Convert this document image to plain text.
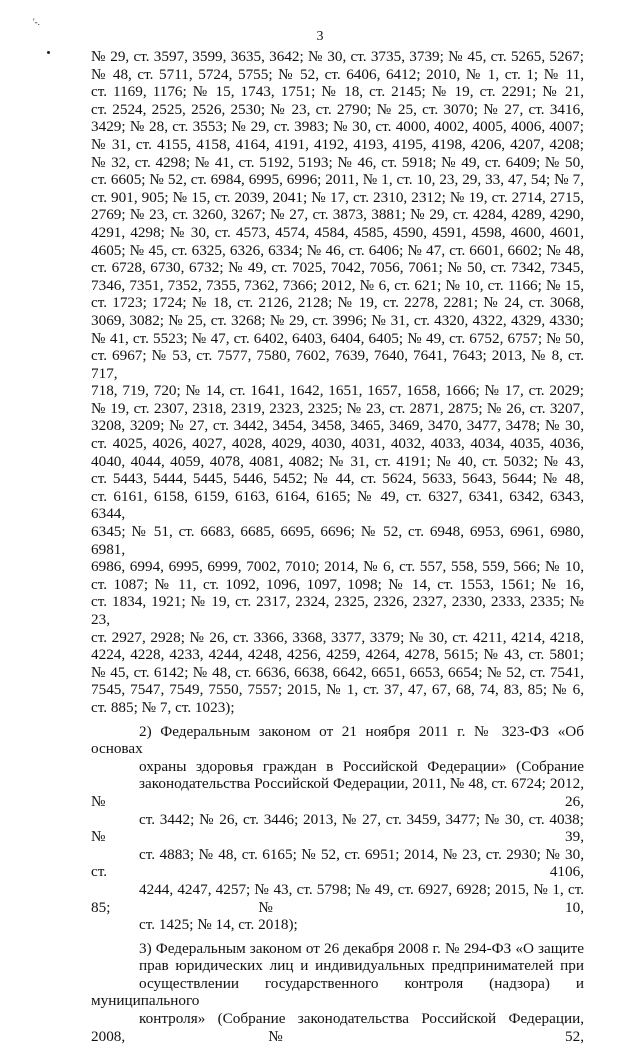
'-.
3
№ 29, ст. 3597, 3599, 3635, 3642; № 30, ст. 3735, 3739; № 45, ст. 5265, 5267;
№ 48, ст. 5711, 5724, 5755; № 52, ст. 6406, 6412; 2010, № 1, ст. 1; № 11,
ст. 1169, 1176; № 15, 1743, 1751; № 18, ст. 2145; № 19, ст. 2291; № 21,
ст. 2524, 2525, 2526, 2530; № 23, ст. 2790; № 25, ст. 3070; № 27, ст. 3416,
3429; № 28, ст. 3553; № 29, ст. 3983; № 30, ст. 4000, 4002, 4005, 4006, 4007;
№ 31, ст. 4155, 4158, 4164, 4191, 4192, 4193, 4195, 4198, 4206, 4207, 4208;
№ 32, ст. 4298; № 41, ст. 5192, 5193; № 46, ст. 5918; № 49, ст. 6409; № 50,
ст. 6605; № 52, ст. 6984, 6995, 6996; 2011, № 1, ст. 10, 23, 29, 33, 47, 54; № 7,
ст. 901, 905; № 15, ст. 2039, 2041; № 17, ст. 2310, 2312; № 19, ст. 2714, 2715,
2769; № 23, ст. 3260, 3267; № 27, ст. 3873, 3881; № 29, ст. 4284, 4289, 4290,
4291, 4298; № 30, ст. 4573, 4574, 4584, 4585, 4590, 4591, 4598, 4600, 4601,
4605; № 45, ст. 6325, 6326, 6334; № 46, ст. 6406; № 47, ст. 6601, 6602; № 48,
ст. 6728, 6730, 6732; № 49, ст. 7025, 7042, 7056, 7061; № 50, ст. 7342, 7345,
7346, 7351, 7352, 7355, 7362, 7366; 2012, № 6, ст. 621; № 10, ст. 1166; № 15,
ст. 1723; 1724; № 18, ст. 2126, 2128; № 19, ст. 2278, 2281; № 24, ст. 3068,
3069, 3082; № 25, ст. 3268; № 29, ст. 3996; № 31, ст. 4320, 4322, 4329, 4330;
№ 41, ст. 5523; № 47, ст. 6402, 6403, 6404, 6405; № 49, ст. 6752, 6757; № 50,
ст. 6967; № 53, ст. 7577, 7580, 7602, 7639, 7640, 7641, 7643; 2013, № 8, ст. 717,
718, 719, 720; № 14, ст. 1641, 1642, 1651, 1657, 1658, 1666; № 17, ст. 2029;
№ 19, ст. 2307, 2318, 2319, 2323, 2325; № 23, ст. 2871, 2875; № 26, ст. 3207,
3208, 3209; № 27, ст. 3442, 3454, 3458, 3465, 3469, 3470, 3477, 3478; № 30,
ст. 4025, 4026, 4027, 4028, 4029, 4030, 4031, 4032, 4033, 4034, 4035, 4036,
4040, 4044, 4059, 4078, 4081, 4082; № 31, ст. 4191; № 40, ст. 5032; № 43,
ст. 5443, 5444, 5445, 5446, 5452; № 44, ст. 5624, 5633, 5643, 5644; № 48,
ст. 6161, 6158, 6159, 6163, 6164, 6165; № 49, ст. 6327, 6341, 6342, 6343, 6344,
6345; № 51, ст. 6683, 6685, 6695, 6696; № 52, ст. 6948, 6953, 6961, 6980, 6981,
6986, 6994, 6995, 6999, 7002, 7010; 2014, № 6, ст. 557, 558, 559, 566; № 10,
ст. 1087; № 11, ст. 1092, 1096, 1097, 1098; № 14, ст. 1553, 1561; № 16,
ст. 1834, 1921; № 19, ст. 2317, 2324, 2325, 2326, 2327, 2330, 2333, 2335; № 23,
ст. 2927, 2928; № 26, ст. 3366, 3368, 3377, 3379; № 30, ст. 4211, 4214, 4218,
4224, 4228, 4233, 4244, 4248, 4256, 4259, 4264, 4278, 5615; № 43, ст. 5801;
№ 45, ст. 6142; № 48, ст. 6636, 6638, 6642, 6651, 6653, 6654; № 52, ст. 7541,
7545, 7547, 7549, 7550, 7557; 2015, № 1, ст. 37, 47, 67, 68, 74, 83, 85; № 6,
ст. 885; № 7, ст. 1023);
2) Федеральным законом от 21 ноября 2011 г. № 323-ФЗ «Об основах
охраны здоровья граждан в Российской Федерации» (Собрание
законодательства Российской Федерации, 2011, № 48, ст. 6724; 2012, № 26,
ст. 3442; № 26, ст. 3446; 2013, № 27, ст. 3459, 3477; № 30, ст. 4038; № 39,
ст. 4883; № 48, ст. 6165; № 52, ст. 6951; 2014, № 23, ст. 2930; № 30, ст. 4106,
4244, 4247, 4257; № 43, ст. 5798; № 49, ст. 6927, 6928; 2015, № 1, ст. 85; № 10,
ст. 1425; № 14, ст. 2018);
3) Федеральным законом от 26 декабря 2008 г. № 294-ФЗ «О защите
прав юридических лиц и индивидуальных предпринимателей при
осуществлении государственного контроля (надзора) и муниципального
контроля» (Собрание законодательства Российской Федерации, 2008, № 52,
